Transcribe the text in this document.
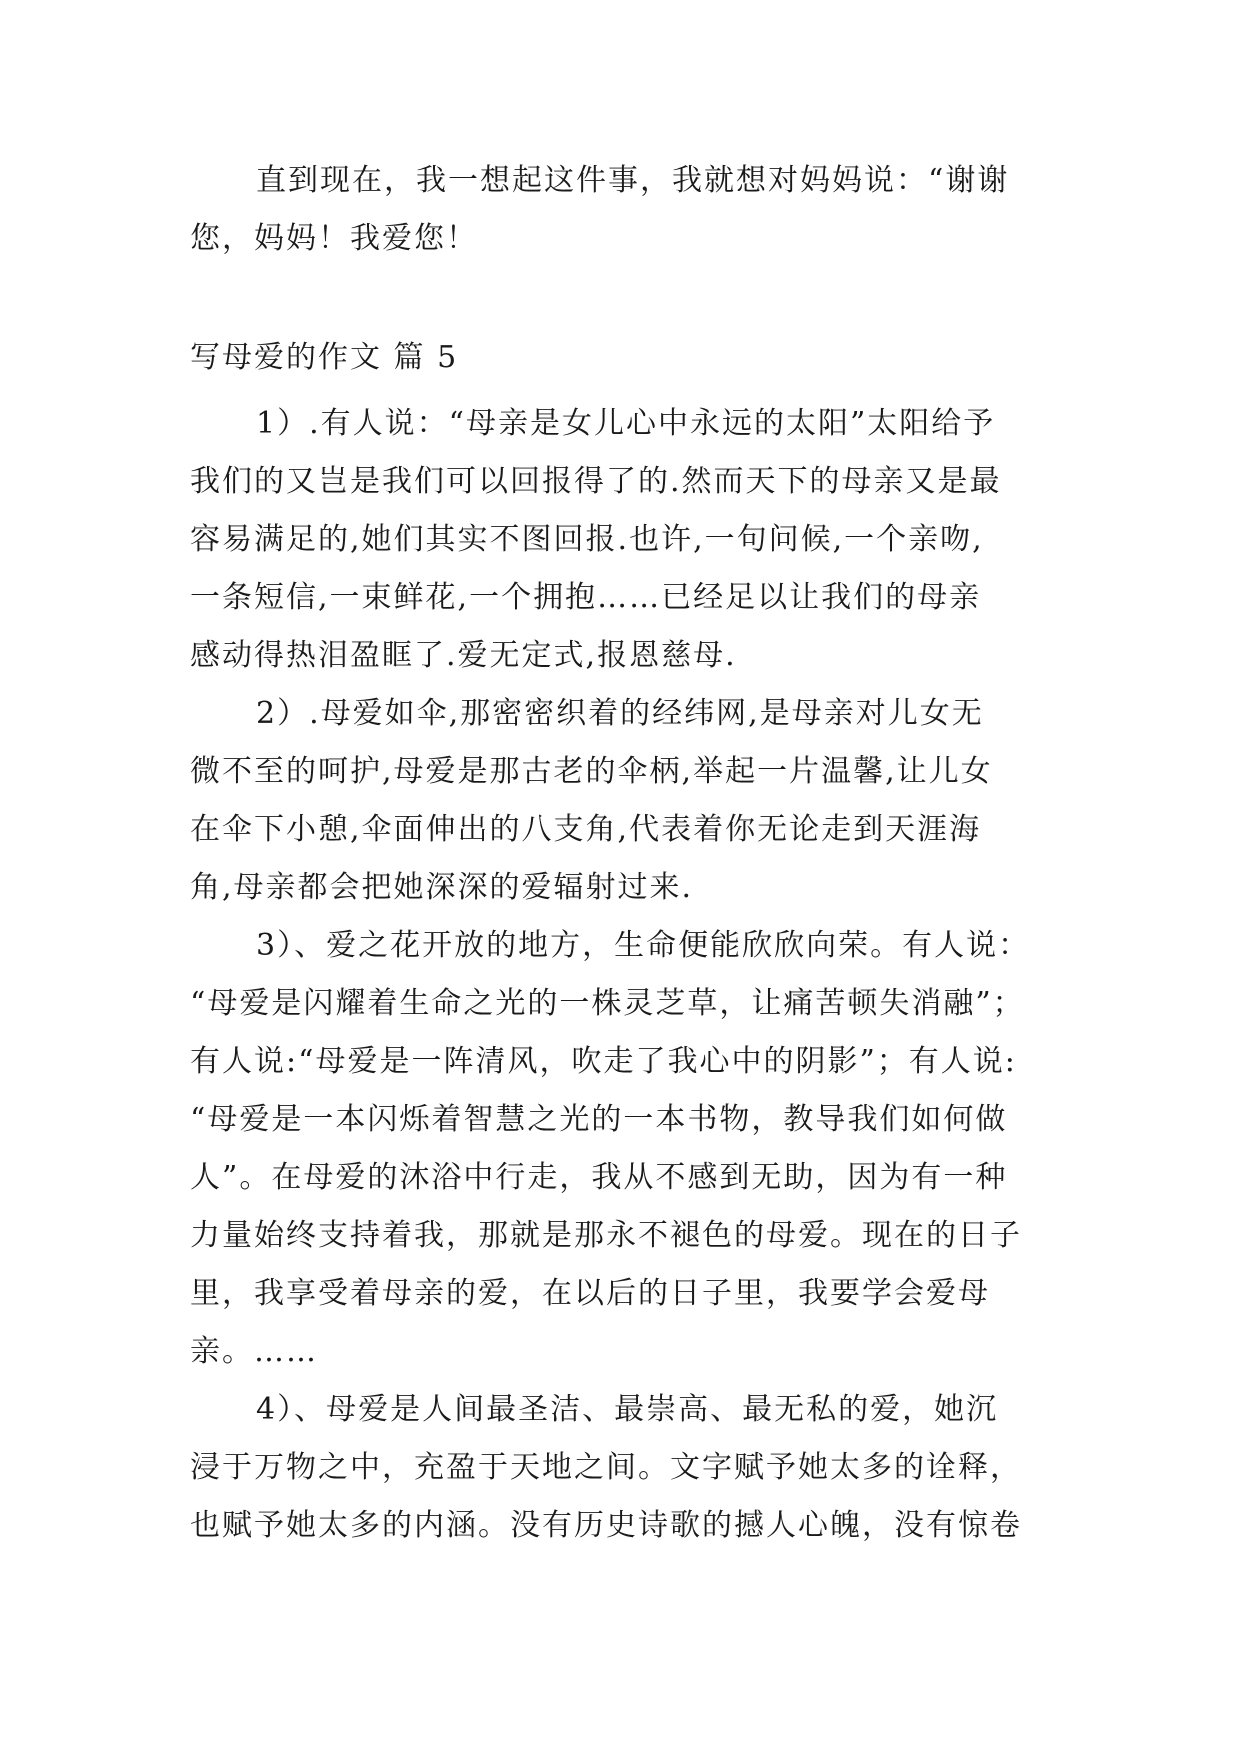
直到现在，我一想起这件事，我就想对妈妈说：“谢谢
您，妈妈！我爱您！
写母爱的作文 篇 5
1）.有人说：“母亲是女儿心中永远的太阳”太阳给予
我们的又岂是我们可以回报得了的.然而天下的母亲又是最
容易满足的,她们其实不图回报.也许,一句问候,一个亲吻,
一条短信,一束鲜花,一个拥抱……已经足以让我们的母亲
感动得热泪盈眶了.爱无定式,报恩慈母.
2）.母爱如伞,那密密织着的经纬网,是母亲对儿女无
微不至的呵护,母爱是那古老的伞柄,举起一片温馨,让儿女
在伞下小憩,伞面伸出的八支角,代表着你无论走到天涯海
角,母亲都会把她深深的爱辐射过来.
3）、爱之花开放的地方，生命便能欣欣向荣。有人说：
“母爱是闪耀着生命之光的一株灵芝草，让痛苦顿失消融”；
有人说:“母爱是一阵清风，吹走了我心中的阴影”；有人说:
“母爱是一本闪烁着智慧之光的一本书物，教导我们如何做
人”。在母爱的沐浴中行走，我从不感到无助，因为有一种
力量始终支持着我，那就是那永不褪色的母爱。现在的日子
里，我享受着母亲的爱，在以后的日子里，我要学会爱母
亲。……
4）、母爱是人间最圣洁、最崇高、最无私的爱，她沉
浸于万物之中，充盈于天地之间。文字赋予她太多的诠释，
也赋予她太多的内涵。没有历史诗歌的撼人心魄，没有惊卷
